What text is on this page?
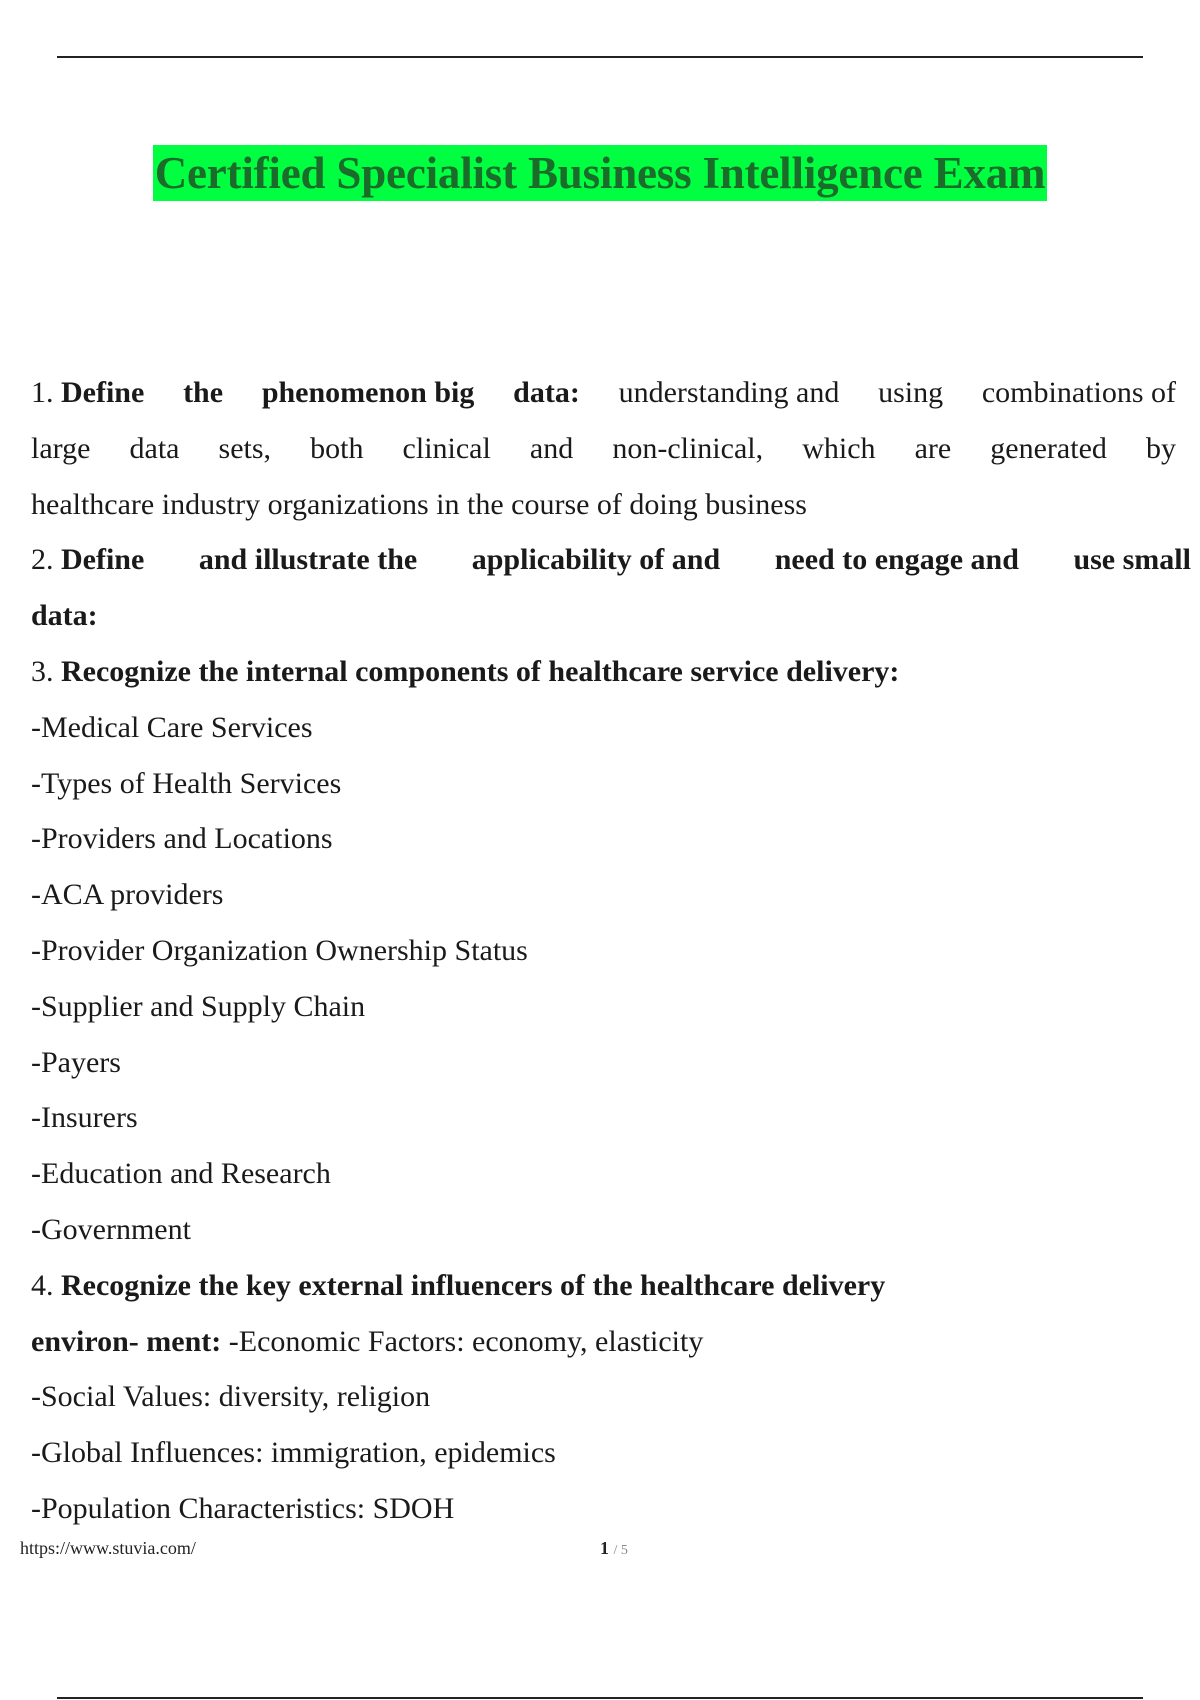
Certified Specialist Business Intelligence Exam
1. Define the phenomenon big data: understanding and using combinations of
large data sets, both clinical and non-clinical, which are generated by
healthcare industry organizations in the course of doing business
2. Define and illustrate the applicability of and need to engage and use small
data:
3. Recognize the internal components of healthcare service delivery:
-Medical Care Services
-Types of Health Services
-Providers and Locations
-ACA providers
-Provider Organization Ownership Status
-Supplier and Supply Chain
-Payers
-Insurers
-Education and Research
-Government
4. Recognize the key external influencers of the healthcare delivery
environ- ment: -Economic Factors: economy, elasticity
-Social Values: diversity, religion
-Global Influences: immigration, epidemics
-Population Characteristics: SDOH
https://www.stuvia.com/	1 / 5
